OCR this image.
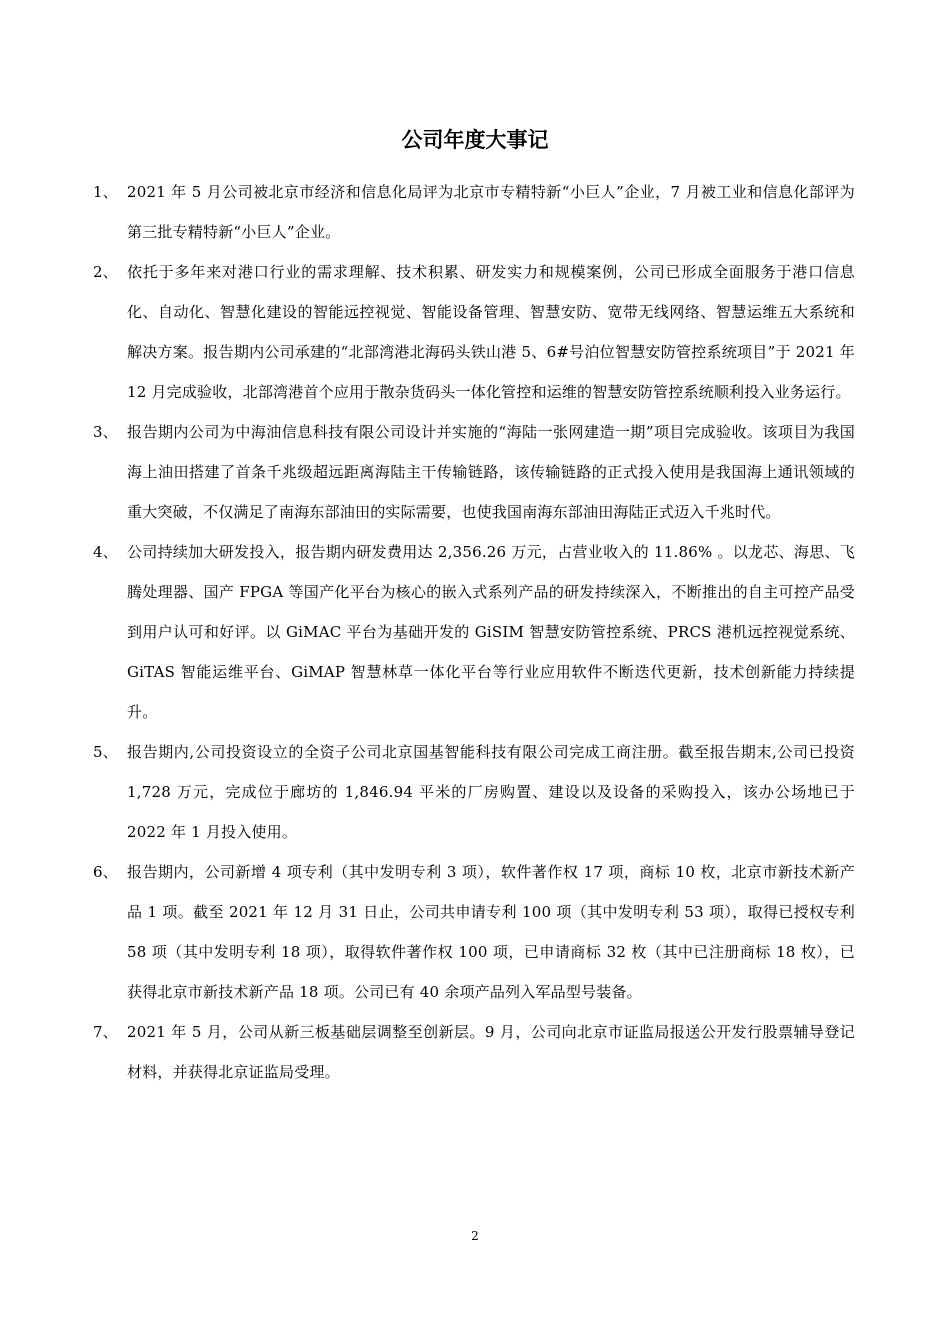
公司年度大事记
1、 2021 年 5 月公司被北京市经济和信息化局评为北京市专精特新“小巨人”企业，7 月被工业和信息化部评为第三批专精特新“小巨人”企业。
2、 依托于多年来对港口行业的需求理解、技术积累、研发实力和规模案例，公司已形成全面服务于港口信息化、自动化、智慧化建设的智能远控视觉、智能设备管理、智慧安防、宽带无线网络、智慧运维五大系统和解决方案。报告期内公司承建的“北部湾港北海码头铁山港 5、6#号泊位智慧安防管控系统项目”于 2021 年 12 月完成验收，北部湾港首个应用于散杂货码头一体化管控和运维的智慧安防管控系统顺利投入业务运行。
3、 报告期内公司为中海油信息科技有限公司设计并实施的“海陆一张网建造一期”项目完成验收。该项目为我国海上油田搭建了首条千兆级超远距离海陆主干传输链路，该传输链路的正式投入使用是我国海上通讯领域的重大突破，不仅满足了南海东部油田的实际需要，也使我国南海东部油田海陆正式迈入千兆时代。
4、 公司持续加大研发投入，报告期内研发费用达 2,356.26 万元，占营业收入的 11.86% 。以龙芯、海思、飞腾处理器、国产 FPGA 等国产化平台为核心的嵌入式系列产品的研发持续深入，不断推出的自主可控产品受到用户认可和好评。以 GiMAC 平台为基础开发的 GiSIM 智慧安防管控系统、PRCS 港机远控视觉系统、GiTAS 智能运维平台、GiMAP 智慧林草一体化平台等行业应用软件不断迭代更新，技术创新能力持续提升。
5、 报告期内,公司投资设立的全资子公司北京国基智能科技有限公司完成工商注册。截至报告期末,公司已投资 1,728 万元，完成位于廊坊的 1,846.94 平米的厂房购置、建设以及设备的采购投入，该办公场地已于 2022 年 1 月投入使用。
6、 报告期内，公司新增 4 项专利（其中发明专利 3 项），软件著作权 17 项，商标 10 枚，北京市新技术新产品 1 项。截至 2021 年 12 月 31 日止，公司共申请专利 100 项（其中发明专利 53 项），取得已授权专利 58 项（其中发明专利 18 项），取得软件著作权 100 项，已申请商标 32 枚（其中已注册商标 18 枚），已获得北京市新技术新产品 18 项。公司已有 40 余项产品列入军品型号装备。
7、 2021 年 5 月，公司从新三板基础层调整至创新层。9 月，公司向北京市证监局报送公开发行股票辅导登记材料，并获得北京证监局受理。
2
